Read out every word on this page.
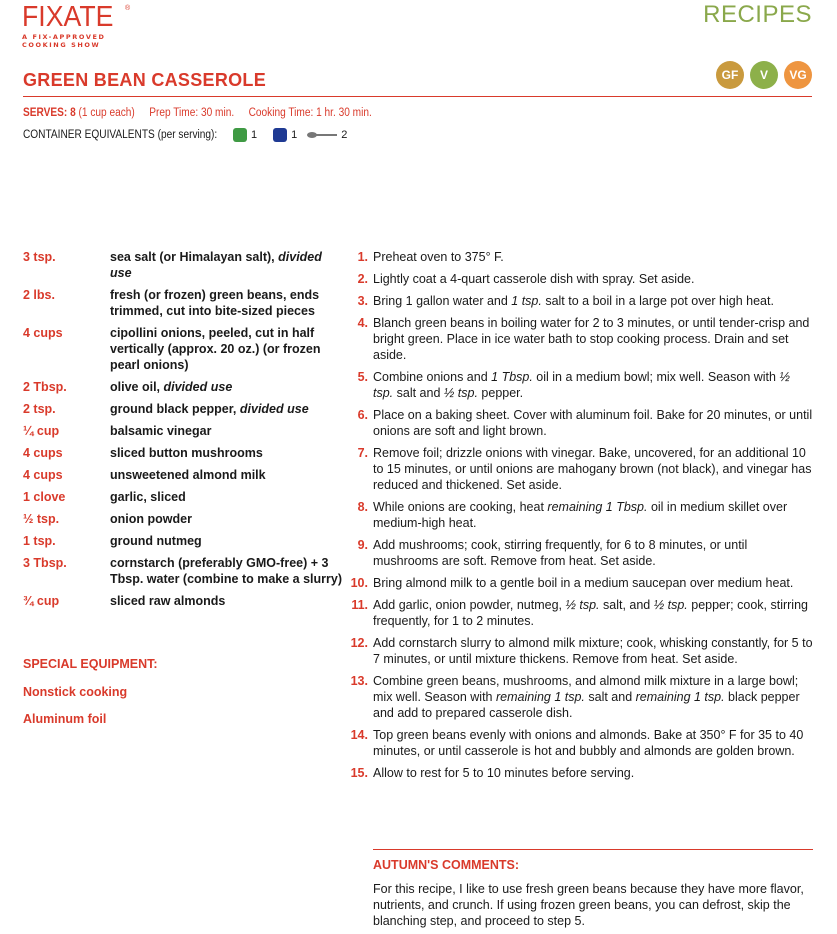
FIXATE ®
A FIX-APPROVED
COOKING SHOW
RECIPES
GF	V	VG
GREEN BEAN CASSEROLE
SERVES: 8 (1 cup each) Prep Time: 30 min. Cooking Time: 1 hr. 30 min.
CONTAINER EQUIVALENTS (per serving):	1	1	2
3 tsp.	sea salt (or Himalayan salt), divided use
2 lbs.	fresh (or frozen) green beans, ends trimmed, cut into bite-sized pieces
4 cups	cipollini onions, peeled, cut in half vertically (approx. 20 oz.) (or frozen pearl onions)
2 Tbsp.	olive oil, divided use
2 tsp.	ground black pepper, divided use
¼ cup	balsamic vinegar
4 cups	sliced button mushrooms
4 cups	unsweetened almond milk
1 clove	garlic, sliced
½ tsp.	onion powder
1 tsp.	ground nutmeg
3 Tbsp.	cornstarch (preferably GMO-free) + 3 Tbsp. water (combine to make a slurry)
¾ cup	sliced raw almonds
SPECIAL EQUIPMENT:
Nonstick cooking
Aluminum foil
1. Preheat oven to 375° F.
2. Lightly coat a 4-quart casserole dish with spray. Set aside.
3. Bring 1 gallon water and 1 tsp. salt to a boil in a large pot over high heat.
4. Blanch green beans in boiling water for 2 to 3 minutes, or until tender-crisp and bright green. Place in ice water bath to stop cooking process. Drain and set aside.
5. Combine onions and 1 Tbsp. oil in a medium bowl; mix well. Season with ½ tsp. salt and ½ tsp. pepper.
6. Place on a baking sheet. Cover with aluminum foil. Bake for 20 minutes, or until onions are soft and light brown.
7. Remove foil; drizzle onions with vinegar. Bake, uncovered, for an additional 10 to 15 minutes, or until onions are mahogany brown (not black), and vinegar has reduced and thickened. Set aside.
8. While onions are cooking, heat remaining 1 Tbsp. oil in medium skillet over medium-high heat.
9. Add mushrooms; cook, stirring frequently, for 6 to 8 minutes, or until mushrooms are soft. Remove from heat. Set aside.
10. Bring almond milk to a gentle boil in a medium saucepan over medium heat.
11. Add garlic, onion powder, nutmeg, ½ tsp. salt, and ½ tsp. pepper; cook, stirring frequently, for 1 to 2 minutes.
12. Add cornstarch slurry to almond milk mixture; cook, whisking constantly, for 5 to 7 minutes, or until mixture thickens. Remove from heat. Set aside.
13. Combine green beans, mushrooms, and almond milk mixture in a large bowl; mix well. Season with remaining 1 tsp. salt and remaining 1 tsp. black pepper and add to prepared casserole dish.
14. Top green beans evenly with onions and almonds. Bake at 350° F for 35 to 40 minutes, or until casserole is hot and bubbly and almonds are golden brown.
15. Allow to rest for 5 to 10 minutes before serving.
AUTUMN'S COMMENTS:
For this recipe, I like to use fresh green beans because they have more flavor, nutrients, and crunch. If using frozen green beans, you can defrost, skip the blanching step, and proceed to step 5.
